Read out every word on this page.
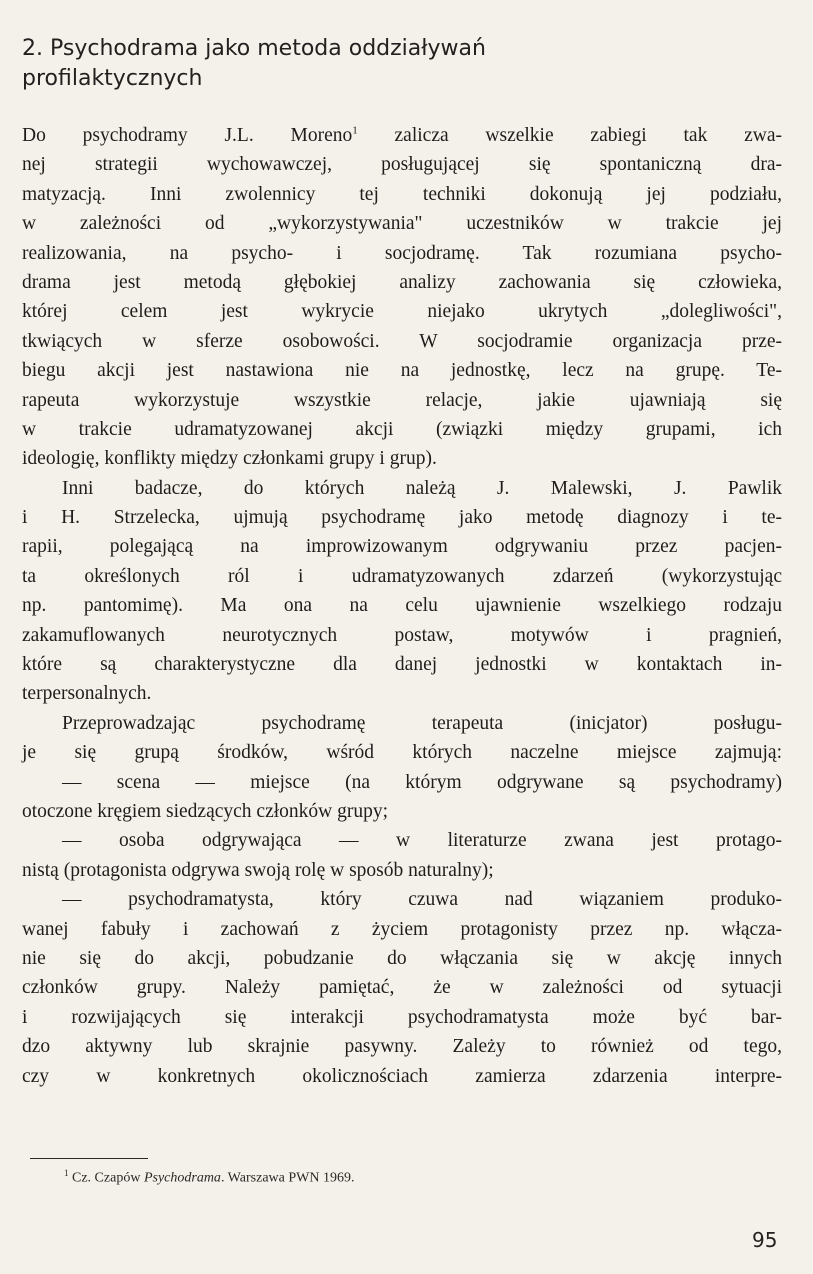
2. Psychodrama jako metoda oddziaływań
profilaktycznych
Do psychodramy J.L. Moreno$^1$ zalicza wszelkie zabiegi tak zwa-
nej strategii wychowawczej, posługującej się spontaniczną dra-
matyzacją. Inni zwolennicy tej techniki dokonują jej podziału,
w zależności od „wykorzystywania" uczestników w trakcie jej
realizowania, na psycho- i socjodramę. Tak rozumiana psycho-
drama jest metodą głębokiej analizy zachowania się człowieka,
której celem jest wykrycie niejako ukrytych „dolegliwości",
tkwiących w sferze osobowości. W socjodramie organizacja prze-
biegu akcji jest nastawiona nie na jednostkę, lecz na grupę. Te-
rapeuta wykorzystuje wszystkie relacje, jakie ujawniają się
w trakcie udramatyzowanej akcji (związki między grupami, ich
ideologię, konflikty między członkami grupy i grup).
Inni badacze, do których należą J. Malewski, J. Pawlik
i H. Strzelecka, ujmują psychodramę jako metodę diagnozy i te-
rapii, polegającą na improwizowanym odgrywaniu przez pacjen-
ta określonych ról i udramatyzowanych zdarzeń (wykorzystując
np. pantomimę). Ma ona na celu ujawnienie wszelkiego rodzaju
zakamuflowanych neurotycznych postaw, motywów i pragnień,
które są charakterystyczne dla danej jednostki w kontaktach in-
terpersonalnych.
Przeprowadzając psychodramę terapeuta (inicjator) posługu-
je się grupą środków, wśród których naczelne miejsce zajmują:
— scena — miejsce (na którym odgrywane są psychodramy)
otoczone kręgiem siedzących członków grupy;
— osoba odgrywająca — w literaturze zwana jest protago-
nistą (protagonista odgrywa swoją rolę w sposób naturalny);
— psychodramatysta, który czuwa nad wiązaniem produko-
wanej fabuły i zachowań z życiem protagonisty przez np. włącza-
nie się do akcji, pobudzanie do włączania się w akcję innych
członków grupy. Należy pamiętać, że w zależności od sytuacji
i rozwijających się interakcji psychodramatysta może być bar-
dzo aktywny lub skrajnie pasywny. Zależy to również od tego,
czy w konkretnych okolicznościach zamierza zdarzenia interpre-
$^1$ Cz. Czapów Psychodrama. Warszawa PWN 1969.
95
